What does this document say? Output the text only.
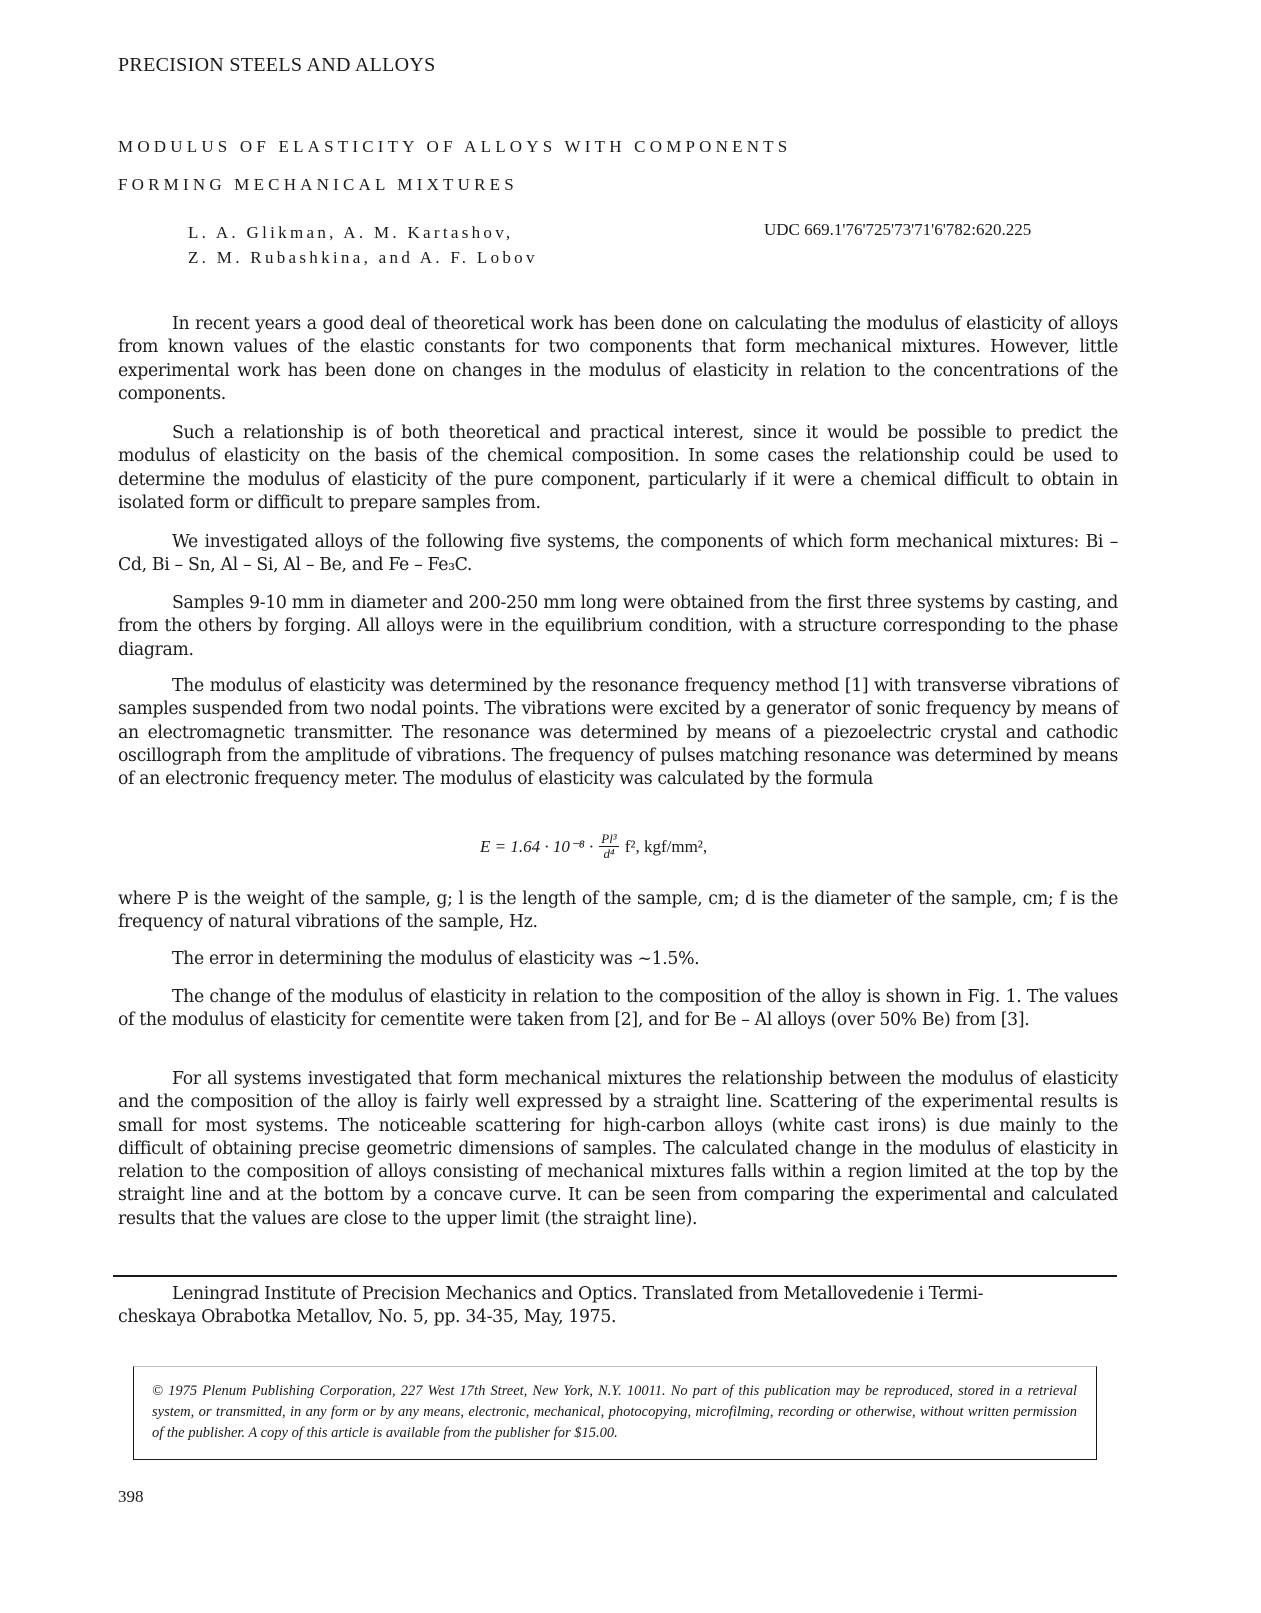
PRECISION STEELS AND ALLOYS
MODULUS OF ELASTICITY OF ALLOYS WITH COMPONENTS
FORMING MECHANICAL MIXTURES
L. A. Glikman, A. M. Kartashov,
Z. M. Rubashkina, and A. F. Lobov
UDC 669.1'76'725'73'71'6'782:620.225

In recent years a good deal of theoretical work has been done on calculating the modulus of elasticity of alloys from known values of the elastic constants for two components that form mechanical mixtures. However, little experimental work has been done on changes in the modulus of elasticity in relation to the concentrations of the components.

Such a relationship is of both theoretical and practical interest, since it would be possible to predict the modulus of elasticity on the basis of the chemical composition. In some cases the relationship could be used to determine the modulus of elasticity of the pure component, particularly if it were a chemical difficult to obtain in isolated form or difficult to prepare samples from.

We investigated alloys of the following five systems, the components of which form mechanical mixtures: Bi – Cd, Bi – Sn, Al – Si, Al – Be, and Fe – Fe₃C.

Samples 9-10 mm in diameter and 200-250 mm long were obtained from the first three systems by casting, and from the others by forging. All alloys were in the equilibrium condition, with a structure corresponding to the phase diagram.

The modulus of elasticity was determined by the resonance frequency method [1] with transverse vibrations of samples suspended from two nodal points. The vibrations were excited by a generator of sonic frequency by means of an electromagnetic transmitter. The resonance was determined by means of a piezoelectric crystal and cathodic oscillograph from the amplitude of vibrations. The frequency of pulses matching resonance was determined by means of an electronic frequency meter. The modulus of elasticity was calculated by the formula

$E = 1.64 \cdot 10^{-8} \cdot \frac{\text{Pl³}}{\text{d⁴}} f^2$, kgf/mm²,

where P is the weight of the sample, g; l is the length of the sample, cm; d is the diameter of the sample, cm; f is the frequency of natural vibrations of the sample, Hz.

The error in determining the modulus of elasticity was ~1.5%.

The change of the modulus of elasticity in relation to the composition of the alloy is shown in Fig. 1. The values of the modulus of elasticity for cementite were taken from [2], and for Be – Al alloys (over 50% Be) from [3].

For all systems investigated that form mechanical mixtures the relationship between the modulus of elasticity and the composition of the alloy is fairly well expressed by a straight line. Scattering of the experimental results is small for most systems. The noticeable scattering for high-carbon alloys (white cast irons) is due mainly to the difficult of obtaining precise geometric dimensions of samples. The calculated change in the modulus of elasticity in relation to the composition of alloys consisting of mechanical mixtures falls within a region limited at the top by the straight line and at the bottom by a concave curve. It can be seen from comparing the experimental and calculated results that the values are close to the upper limit (the straight line).

Leningrad Institute of Precision Mechanics and Optics. Translated from Metallovedenie i Termi-
cheskaya Obrabotka Metallov, No. 5, pp. 34-35, May, 1975.
© 1975 Plenum Publishing Corporation, 227 West 17th Street, New York, N.Y. 10011. No part of this publication may be reproduced, stored in a retrieval system, or transmitted, in any form or by any means, electronic, mechanical, photocopying, microfilming, recording or otherwise, without written permission of the publisher. A copy of this article is available from the publisher for $15.00.
398
